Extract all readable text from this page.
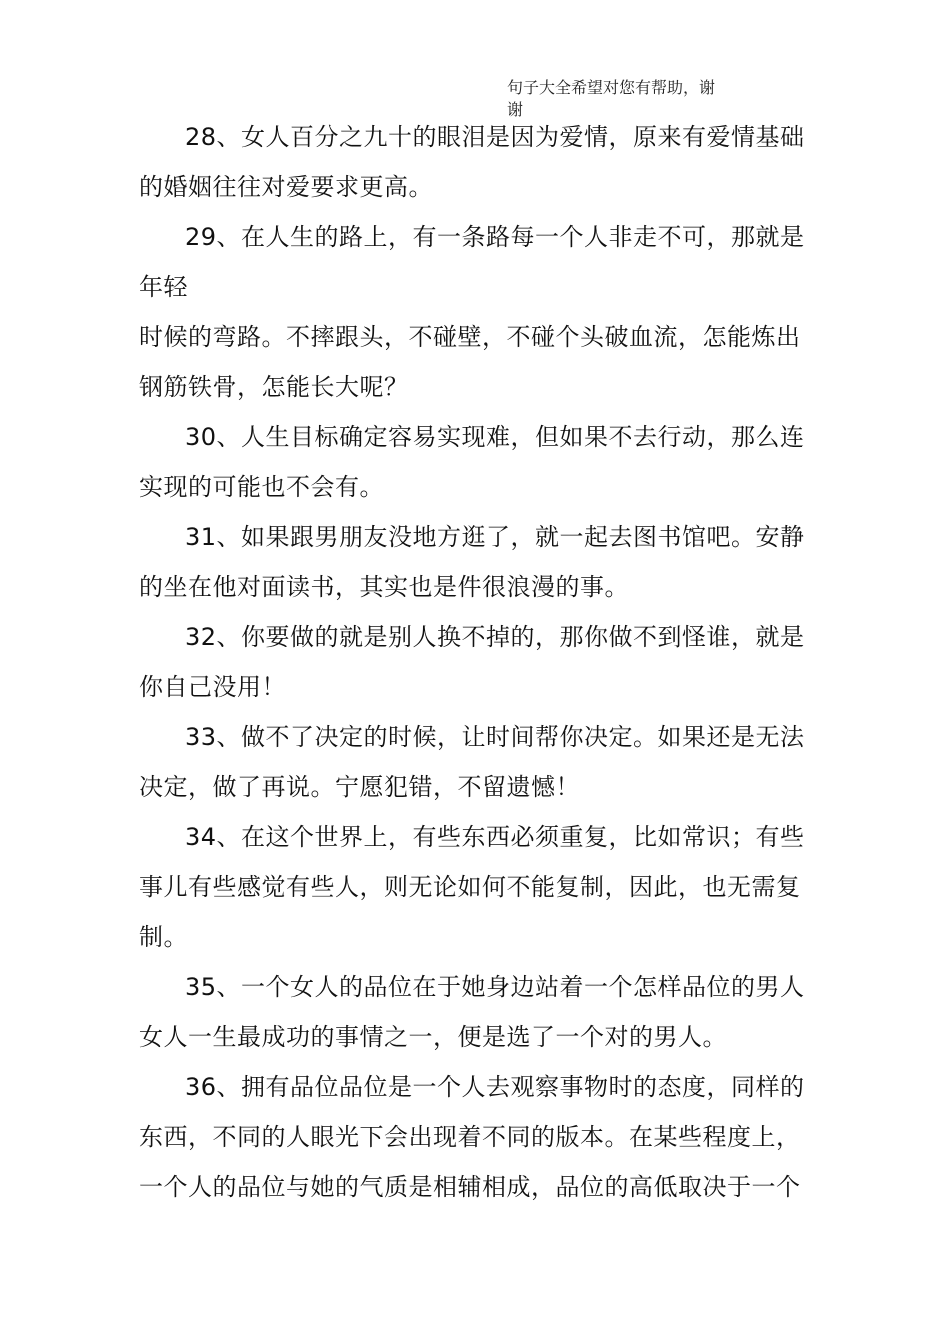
句子大全希望对您有帮助，谢
谢

28、女人百分之九十的眼泪是因为爱情，原来有爱情基础
的婚姻往往对爱要求更高。

29、在人生的路上，有一条路每一个人非走不可，那就是
年轻
时候的弯路。不摔跟头，不碰壁，不碰个头破血流，怎能炼出
钢筋铁骨，怎能长大呢？

30、人生目标确定容易实现难，但如果不去行动，那么连
实现的可能也不会有。

31、如果跟男朋友没地方逛了，就一起去图书馆吧。安静
的坐在他对面读书，其实也是件很浪漫的事。

32、你要做的就是别人换不掉的，那你做不到怪谁，就是
你自己没用！

33、做不了决定的时候，让时间帮你决定。如果还是无法
决定，做了再说。宁愿犯错，不留遗憾！

34、在这个世界上，有些东西必须重复，比如常识；有些
事儿有些感觉有些人，则无论如何不能复制，因此，也无需复
制。

35、一个女人的品位在于她身边站着一个怎样品位的男人
女人一生最成功的事情之一，便是选了一个对的男人。

36、拥有品位品位是一个人去观察事物时的态度，同样的
东西，不同的人眼光下会出现着不同的版本。在某些程度上，
一个人的品位与她的气质是相辅相成，品位的高低取决于一个
